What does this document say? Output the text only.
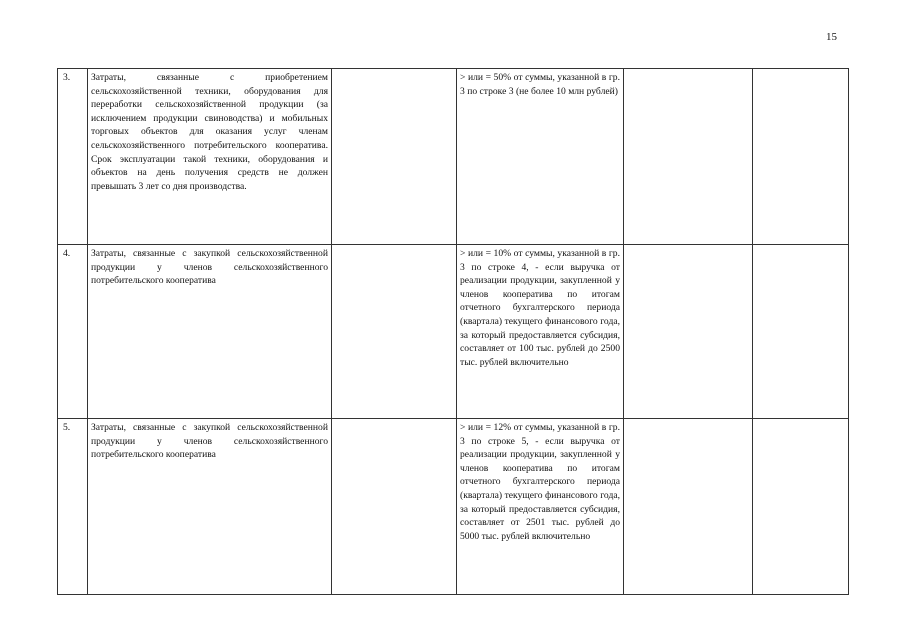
15
3.	Затраты, связанные с приобретением сельскохозяйственной техники, оборудования для переработки сельскохозяйственной продукции (за исключением продукции свиноводства) и мобильных торговых объектов для оказания услуг членам сельскохозяйственного потребительского кооператива. Срок эксплуатации такой техники, оборудования и объектов на день получения средств не должен превышать 3 лет со дня производства.		> или = 50% от суммы, указанной в гр. 3 по строке 3 (не более 10 млн рублей)		

4.	Затраты, связанные с закупкой сельскохозяйственной продукции у членов сельскохозяйственного потребительского кооператива		> или = 10% от суммы, указанной в гр. 3 по строке 4, - если выручка от реализации продукции, закупленной у членов кооператива по итогам отчетного бухгалтерского периода (квартала) текущего финансового года, за который предоставляется субсидия, составляет от 100 тыс. рублей до 2500 тыс. рублей включительно		

5.	Затраты, связанные с закупкой сельскохозяйственной продукции у членов сельскохозяйственного потребительского кооператива		> или = 12% от суммы, указанной в гр. 3 по строке 5, - если выручка от реализации продукции, закупленной у членов кооператива по итогам отчетного бухгалтерского периода (квартала) текущего финансового года, за который предоставляется субсидия, составляет от 2501 тыс. рублей до 5000 тыс. рублей включительно		
